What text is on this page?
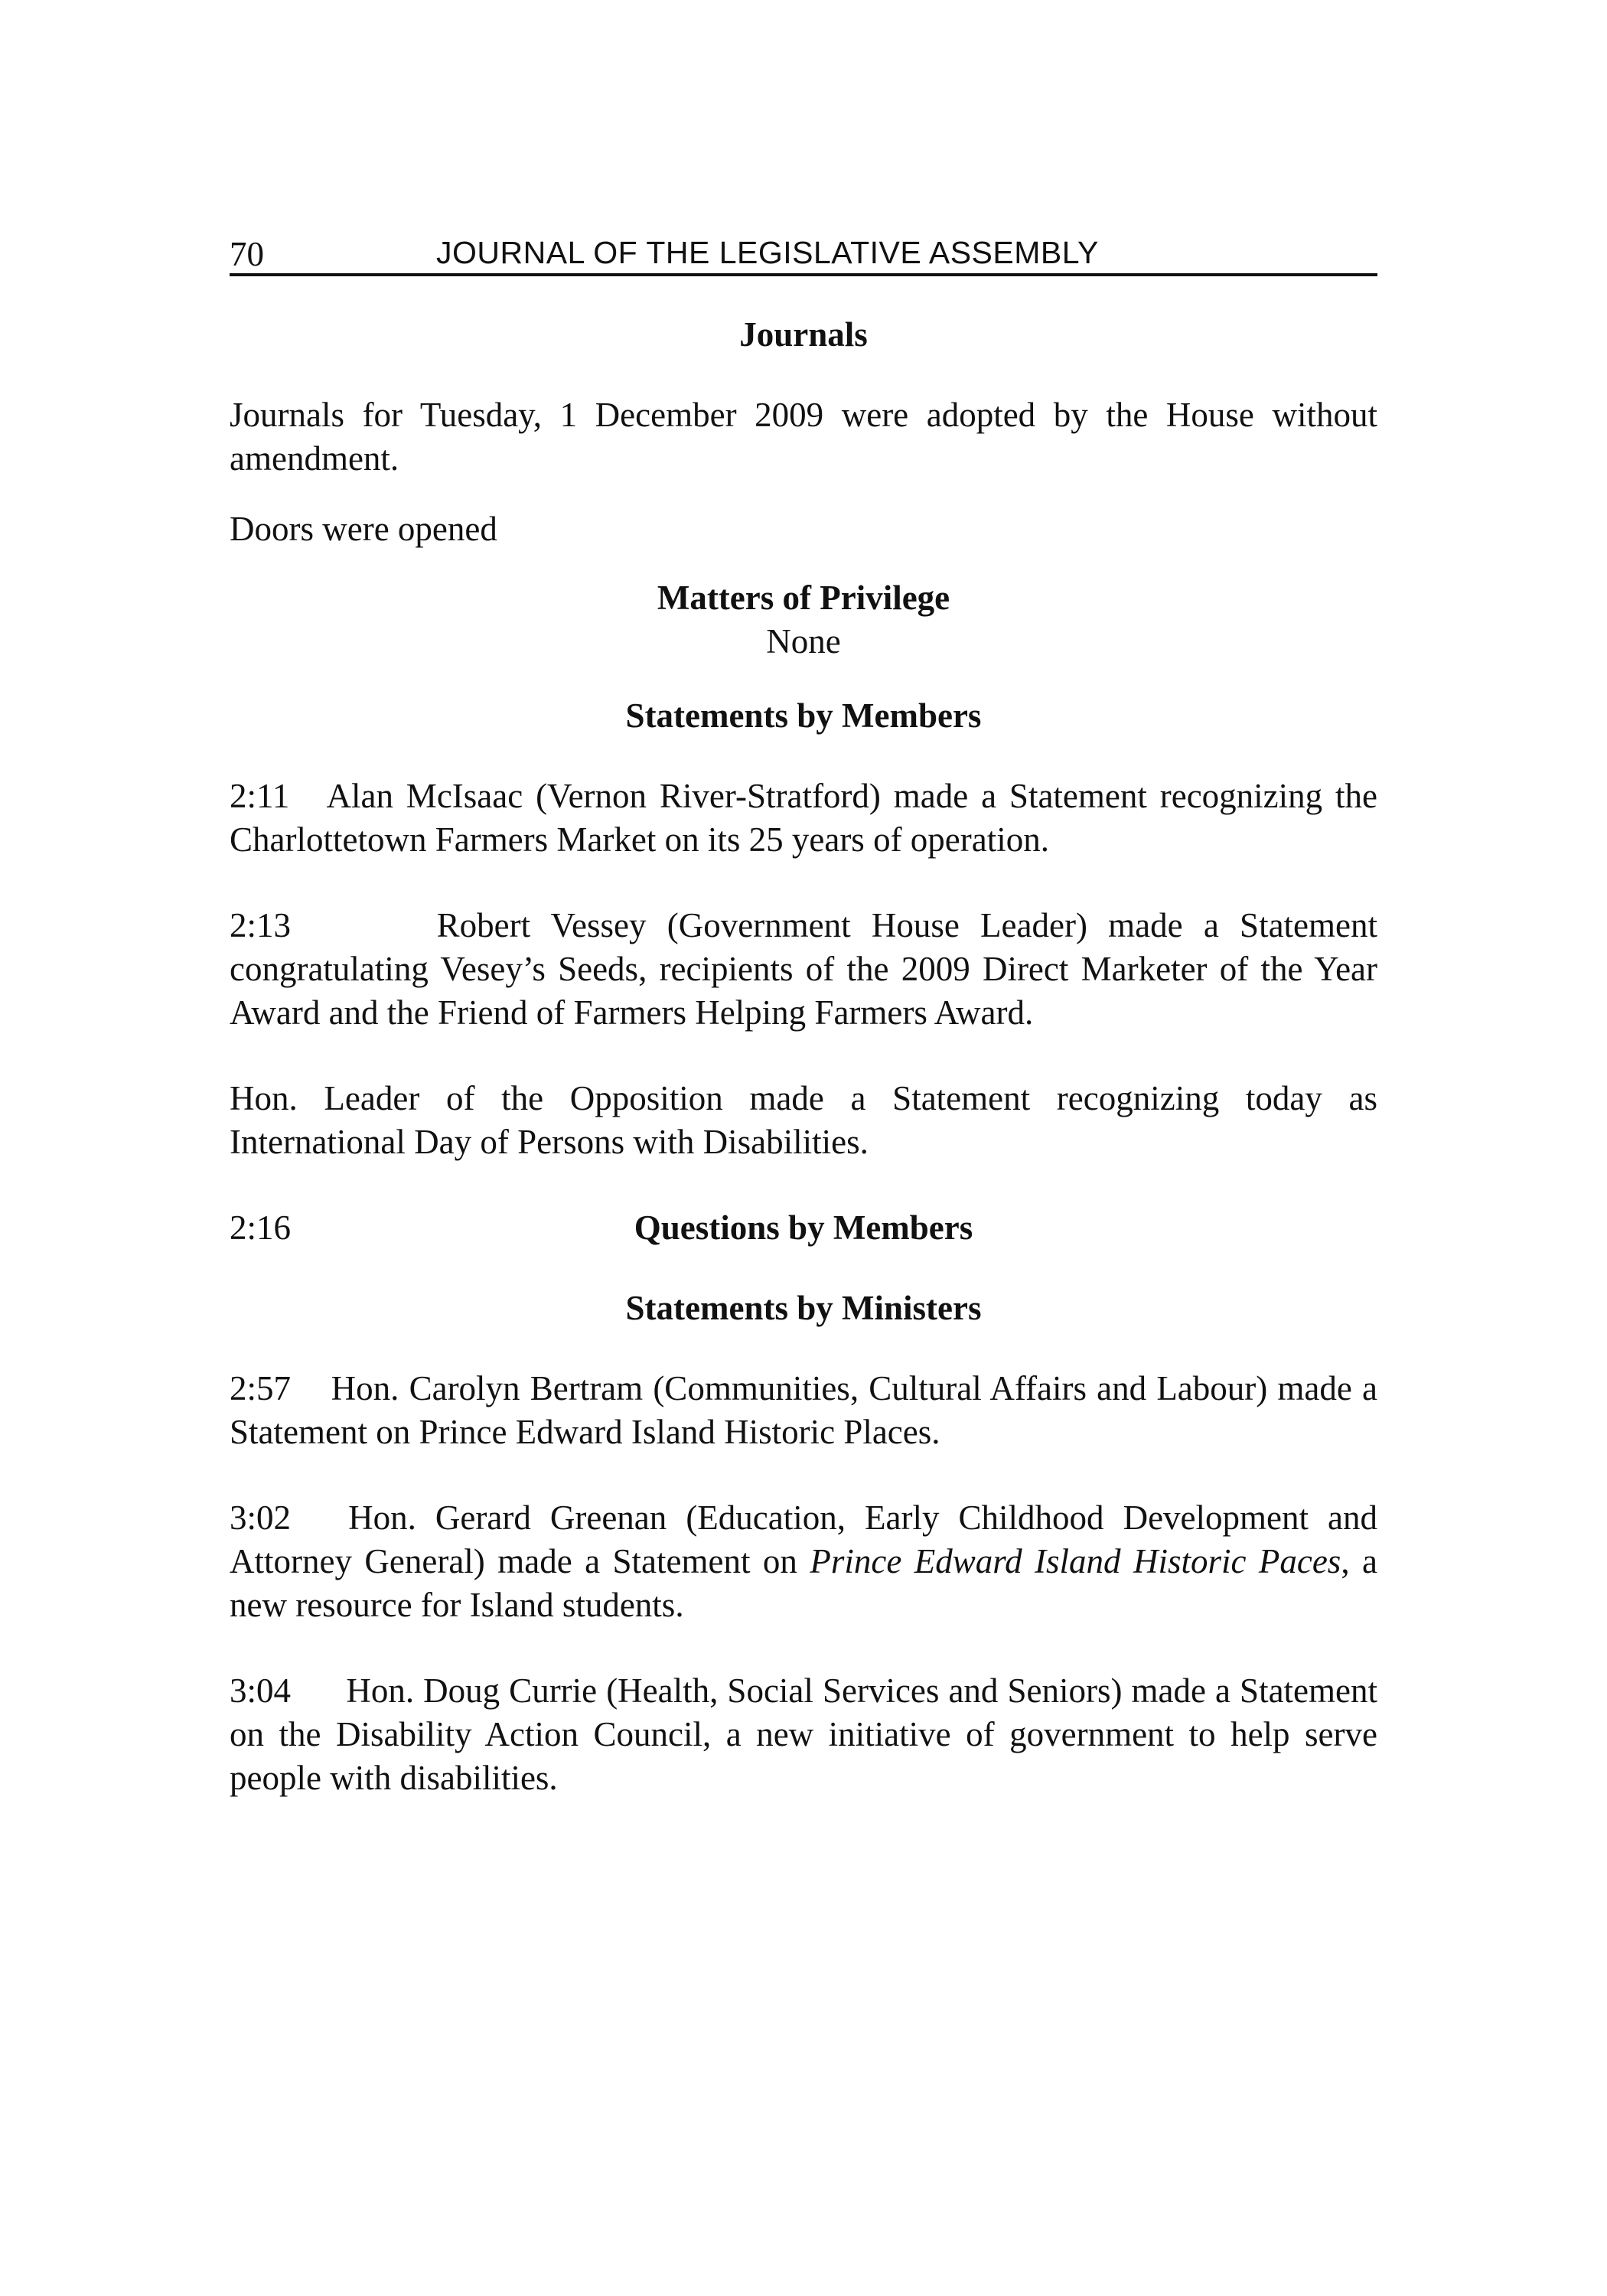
70	JOURNAL OF THE LEGISLATIVE ASSEMBLY

Journals

Journals for Tuesday, 1 December 2009 were adopted by the House without amendment.

Doors were opened

Matters of Privilege

None

Statements by Members

2:11 Alan McIsaac (Vernon River-Stratford) made a Statement recognizing the Charlottetown Farmers Market on its 25 years of operation.

2:13	Robert Vessey (Government House Leader) made a Statement congratulating Vesey’s Seeds, recipients of the 2009 Direct Marketer of the Year Award and the Friend of Farmers Helping Farmers Award.

Hon. Leader of the Opposition made a Statement recognizing today as International Day of Persons with Disabilities.

Questions by Members

2:16

Statements by Ministers

2:57 Hon. Carolyn Bertram (Communities, Cultural Affairs and Labour) made a Statement on Prince Edward Island Historic Places.

3:02 Hon. Gerard Greenan (Education, Early Childhood Development and Attorney General) made a Statement on Prince Edward Island Historic Paces, a new resource for Island students.

3:04 Hon. Doug Currie (Health, Social Services and Seniors) made a Statement on the Disability Action Council, a new initiative of government to help serve people with disabilities.
